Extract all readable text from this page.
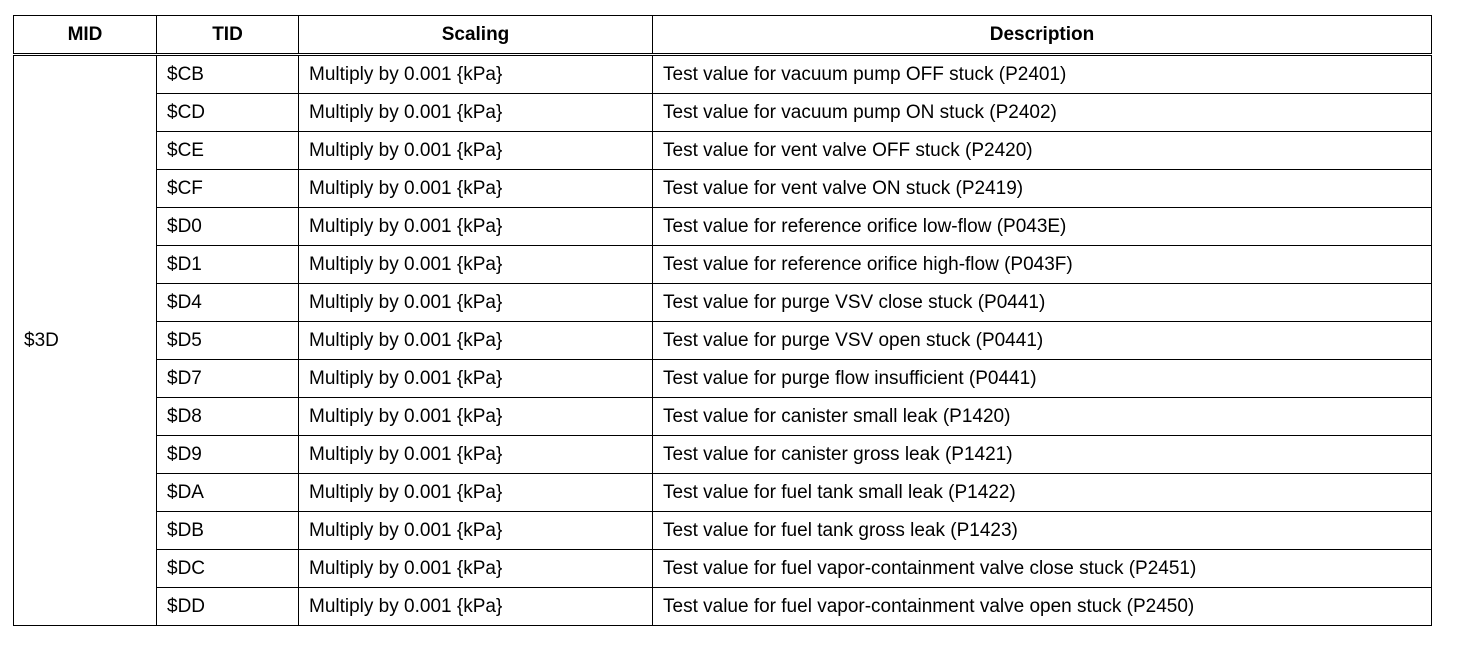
MID	TID	Scaling	Description
$3D	$CB	Multiply by 0.001 {kPa}	Test value for vacuum pump OFF stuck (P2401)
	$CD	Multiply by 0.001 {kPa}	Test value for vacuum pump ON stuck (P2402)
	$CE	Multiply by 0.001 {kPa}	Test value for vent valve OFF stuck (P2420)
	$CF	Multiply by 0.001 {kPa}	Test value for vent valve ON stuck (P2419)
	$D0	Multiply by 0.001 {kPa}	Test value for reference orifice low-flow (P043E)
	$D1	Multiply by 0.001 {kPa}	Test value for reference orifice high-flow (P043F)
	$D4	Multiply by 0.001 {kPa}	Test value for purge VSV close stuck (P0441)
	$D5	Multiply by 0.001 {kPa}	Test value for purge VSV open stuck (P0441)
	$D7	Multiply by 0.001 {kPa}	Test value for purge flow insufficient (P0441)
	$D8	Multiply by 0.001 {kPa}	Test value for canister small leak (P1420)
	$D9	Multiply by 0.001 {kPa}	Test value for canister gross leak (P1421)
	$DA	Multiply by 0.001 {kPa}	Test value for fuel tank small leak (P1422)
	$DB	Multiply by 0.001 {kPa}	Test value for fuel tank gross leak (P1423)
	$DC	Multiply by 0.001 {kPa}	Test value for fuel vapor-containment valve close stuck (P2451)
	$DD	Multiply by 0.001 {kPa}	Test value for fuel vapor-containment valve open stuck (P2450)
